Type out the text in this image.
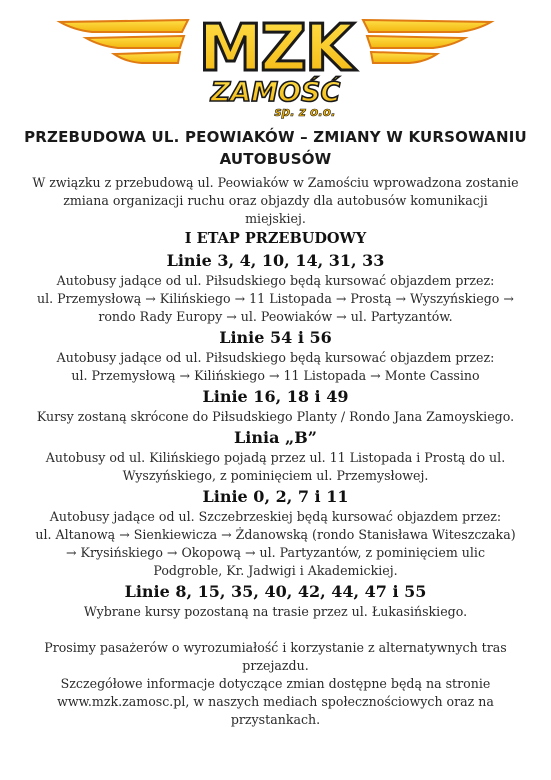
MZK
ZAMOŚĆ
sp. z o.o.
PRZEBUDOWA UL. PEOWIAKÓW – ZMIANY W KURSOWANIU
AUTOBUSÓW

W związku z przebudową ul. Peowiaków w Zamościu wprowadzona zostanie

zmiana organizacji ruchu oraz objazdy dla autobusów komunikacji

miejskiej.

I ETAP PRZEBUDOWY

Linie 3, 4, 10, 14, 31, 33

Autobusy jadące od ul. Piłsudskiego będą kursować objazdem przez:

ul. Przemysłową → Kilińskiego → 11 Listopada → Prostą → Wyszyńskiego →

rondo Rady Europy → ul. Peowiaków → ul. Partyzantów.

Linie 54 i 56

Autobusy jadące od ul. Piłsudskiego będą kursować objazdem przez:

ul. Przemysłową → Kilińskiego → 11 Listopada → Monte Cassino

Linie 16, 18 i 49

Kursy zostaną skrócone do Piłsudskiego Planty / Rondo Jana Zamoyskiego.

Linia „B”

Autobusy od ul. Kilińskiego pojadą przez ul. 11 Listopada i Prostą do ul.

Wyszyńskiego, z pominięciem ul. Przemysłowej.

Linie 0, 2, 7 i 11

Autobusy jadące od ul. Szczebrzeskiej będą kursować objazdem przez:

ul. Altanową → Sienkiewicza → Żdanowską (rondo Stanisława Witeszczaka)

→ Krysińskiego → Okopową → ul. Partyzantów, z pominięciem ulic

Podgroble, Kr. Jadwigi i Akademickiej.

Linie 8, 15, 35, 40, 42, 44, 47 i 55

Wybrane kursy pozostaną na trasie przez ul. Łukasińskiego.

Prosimy pasażerów o wyrozumiałość i korzystanie z alternatywnych tras

przejazdu.

Szczegółowe informacje dotyczące zmian dostępne będą na stronie

www.mzk.zamosc.pl, w naszych mediach społecznościowych oraz na

przystankach.
